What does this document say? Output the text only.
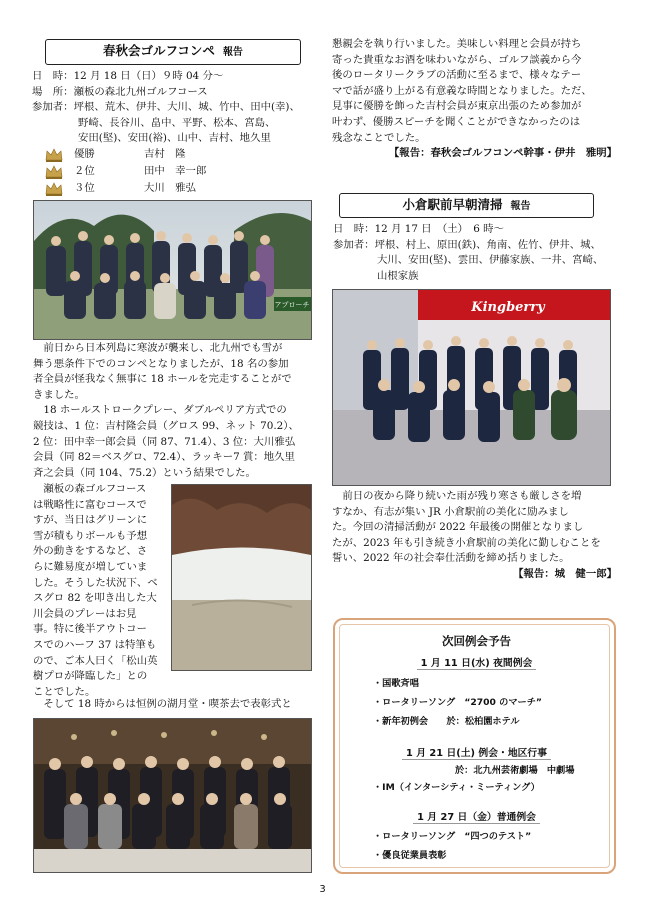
春秋会ゴルフコンペ 報告
日　時：12 月 18 日（日）９時 04 分～
場　所：瀬板の森北九州ゴルフコース
参加者：坪根、荒木、伊井、大川、城、竹中、田中(幸)、
野崎、長谷川、畠中、平野、松本、宮島、
安田(堅)、安田(裕)、山中、吉村、地久里
優勝	吉村　隆
２位	田中　幸一郎
３位	大川　雅弘
アプローチ
　前日から日本列島に寒波が襲来し、北九州でも雪が
舞う悪条件下でのコンペとなりましたが、18 名の参加
者全員が怪我なく無事に 18 ホールを完走することがで
きました。
　18 ホールストロークプレー、ダブルペリア方式での
競技は、1 位：吉村隆会員（グロス 99、ネット 70.2）、
2 位：田中幸一郎会員（同 87、71.4）、3 位：大川雅弘
会員（同 82＝ベスグロ、72.4）、ラッキー7 賞：地久里
斉之会員（同 104、75.2）という結果でした。
　瀬板の森ゴルフコース
は戦略性に富むコースで
すが、当日はグリーンに
雪が積もりボールも予想
外の動きをするなど、さ
らに難易度が増していま
した。そうした状況下、ベ
スグロ 82 を叩き出した大
川会員のプレーはお見
事。特に後半アウトコー
スでのハーフ 37 は特筆も
ので、ご本人曰く「松山英
樹プロが降臨した」との
ことでした。
　そして 18 時からは恒例の湖月堂・喫茶去で表彰式と
懇親会を執り行いました。美味しい料理と会員が持ち
寄った貴重なお酒を味わいながら、ゴルフ談義から今
後のロータリークラブの活動に至るまで、様々なテー
マで話が盛り上がる有意義な時間となりました。ただ、
見事に優勝を飾った吉村会員が東京出張のため参加が
叶わず、優勝スピーチを聞くことができなかったのは
残念なことでした。
【報告：春秋会ゴルフコンペ幹事・伊井　雅明】
小倉駅前早朝清掃 報告
日　時：12 月 17 日　（土）　6 時～
参加者：坪根、村上、原田(鉄)、角南、佐竹、伊井、城、
大川、安田(堅)、雲田、伊藤家族、一井、宮崎、
山根家族
Kingberry
　前日の夜から降り続いた雨が残り寒さも厳しさを増
すなか、有志が集い JR 小倉駅前の美化に励みまし
た。今回の清掃活動が 2022 年最後の開催となりまし
たが、2023 年も引き続き小倉駅前の美化に勤しむことを
誓い、2022 年の社会奉仕活動を締め括りました。
【報告：城　健一郎】
次回例会予告
1 月 11 日(水) 夜間例会
・国歌斉唱
・ロータリーソング　“2700 のマーチ”
・新年初例会　　於：松柏園ホテル
1 月 21 日(土) 例会・地区行事
於：北九州芸術劇場　中劇場
・IM（インターシティ・ミーティング）
1 月 27 日（金）普通例会
・ロータリーソング　“四つのテスト”
・優良従業員表彰
3
